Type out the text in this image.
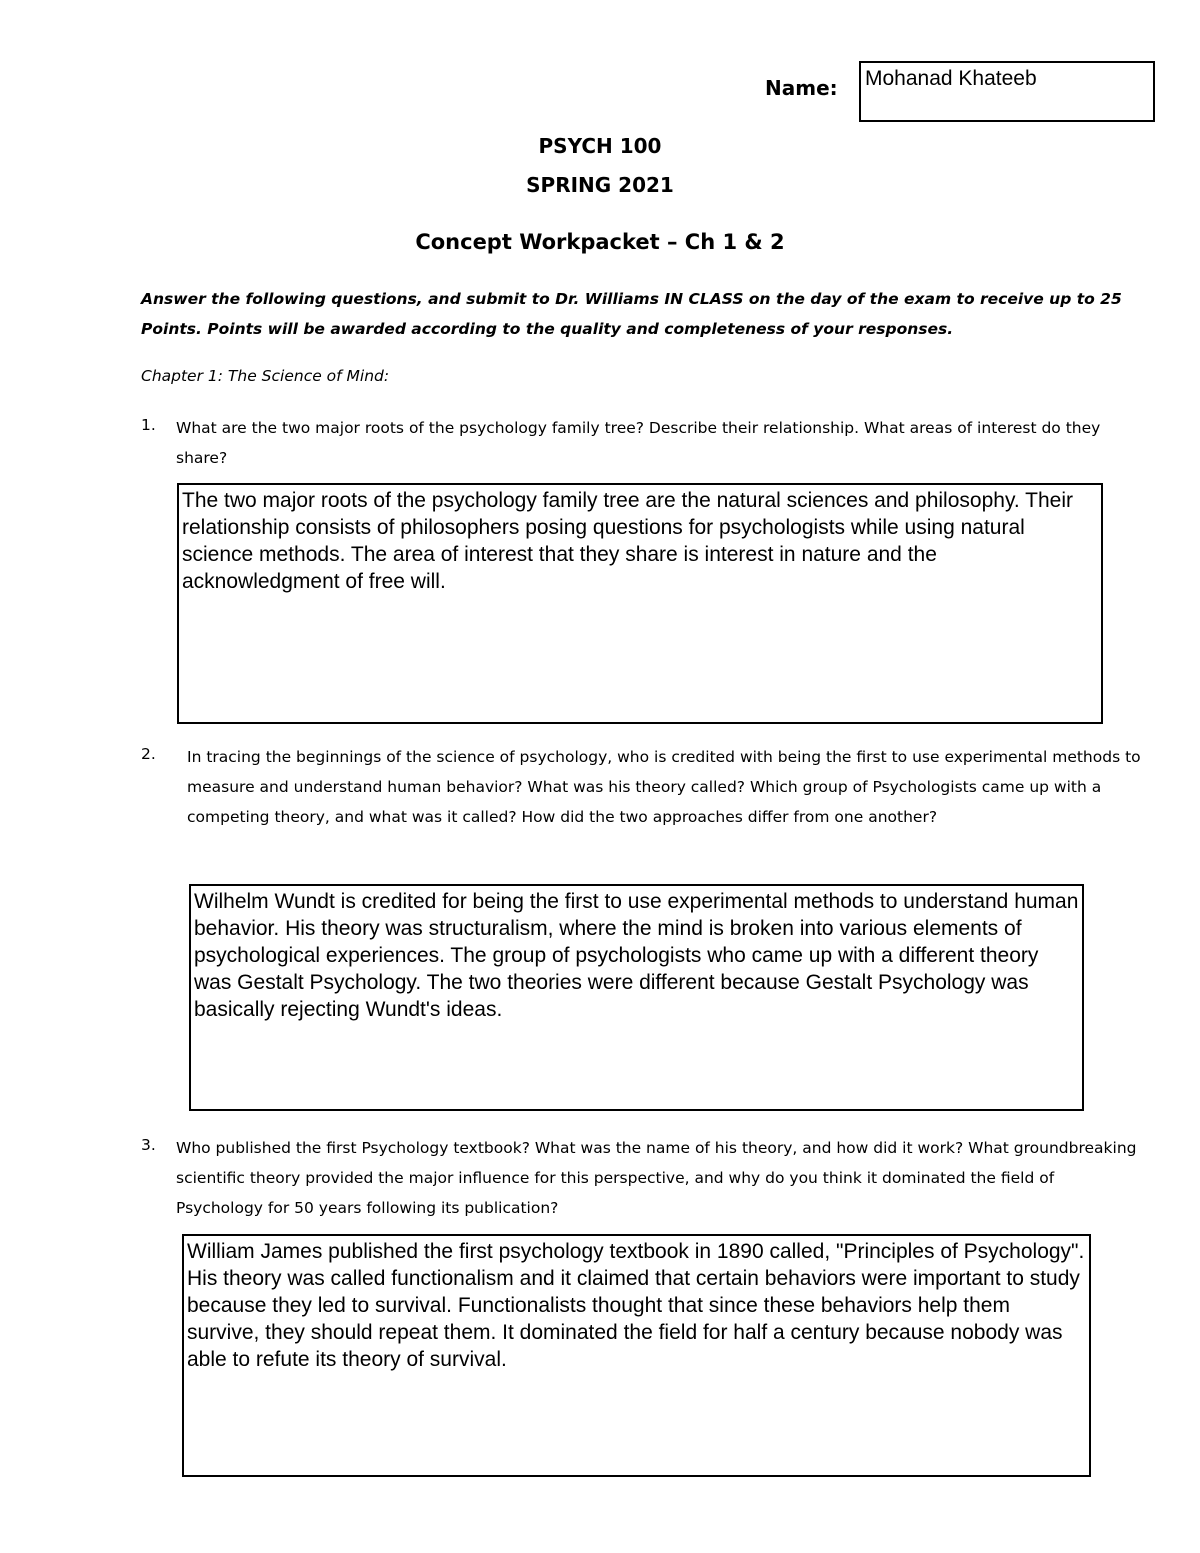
Name: Mohanad Khateeb
PSYCH 100
SPRING 2021
Concept Workpacket – Ch 1 & 2
Answer the following questions, and submit to Dr. Williams IN CLASS on the day of the exam to receive up to 25 Points. Points will be awarded according to the quality and completeness of your responses.
Chapter 1: The Science of Mind:
1. What are the two major roots of the psychology family tree? Describe their relationship. What areas of interest do they share?
The two major roots of the psychology family tree are the natural sciences and philosophy. Their relationship consists of philosophers posing questions for psychologists while using natural science methods. The area of interest that they share is interest in nature and the acknowledgment of free will.
2. In tracing the beginnings of the science of psychology, who is credited with being the first to use experimental methods to measure and understand human behavior? What was his theory called? Which group of Psychologists came up with a competing theory, and what was it called? How did the two approaches differ from one another?
Wilhelm Wundt is credited for being the first to use experimental methods to understand human behavior. His theory was structuralism, where the mind is broken into various elements of psychological experiences. The group of psychologists who came up with a different theory was Gestalt Psychology. The two theories were different because Gestalt Psychology was basically rejecting Wundt's ideas.
3. Who published the first Psychology textbook? What was the name of his theory, and how did it work? What groundbreaking scientific theory provided the major influence for this perspective, and why do you think it dominated the field of Psychology for 50 years following its publication?
William James published the first psychology textbook in 1890 called, "Principles of Psychology". His theory was called functionalism and it claimed that certain behaviors were important to study because they led to survival. Functionalists thought that since these behaviors help them survive, they should repeat them. It dominated the field for half a century because nobody was able to refute its theory of survival.
